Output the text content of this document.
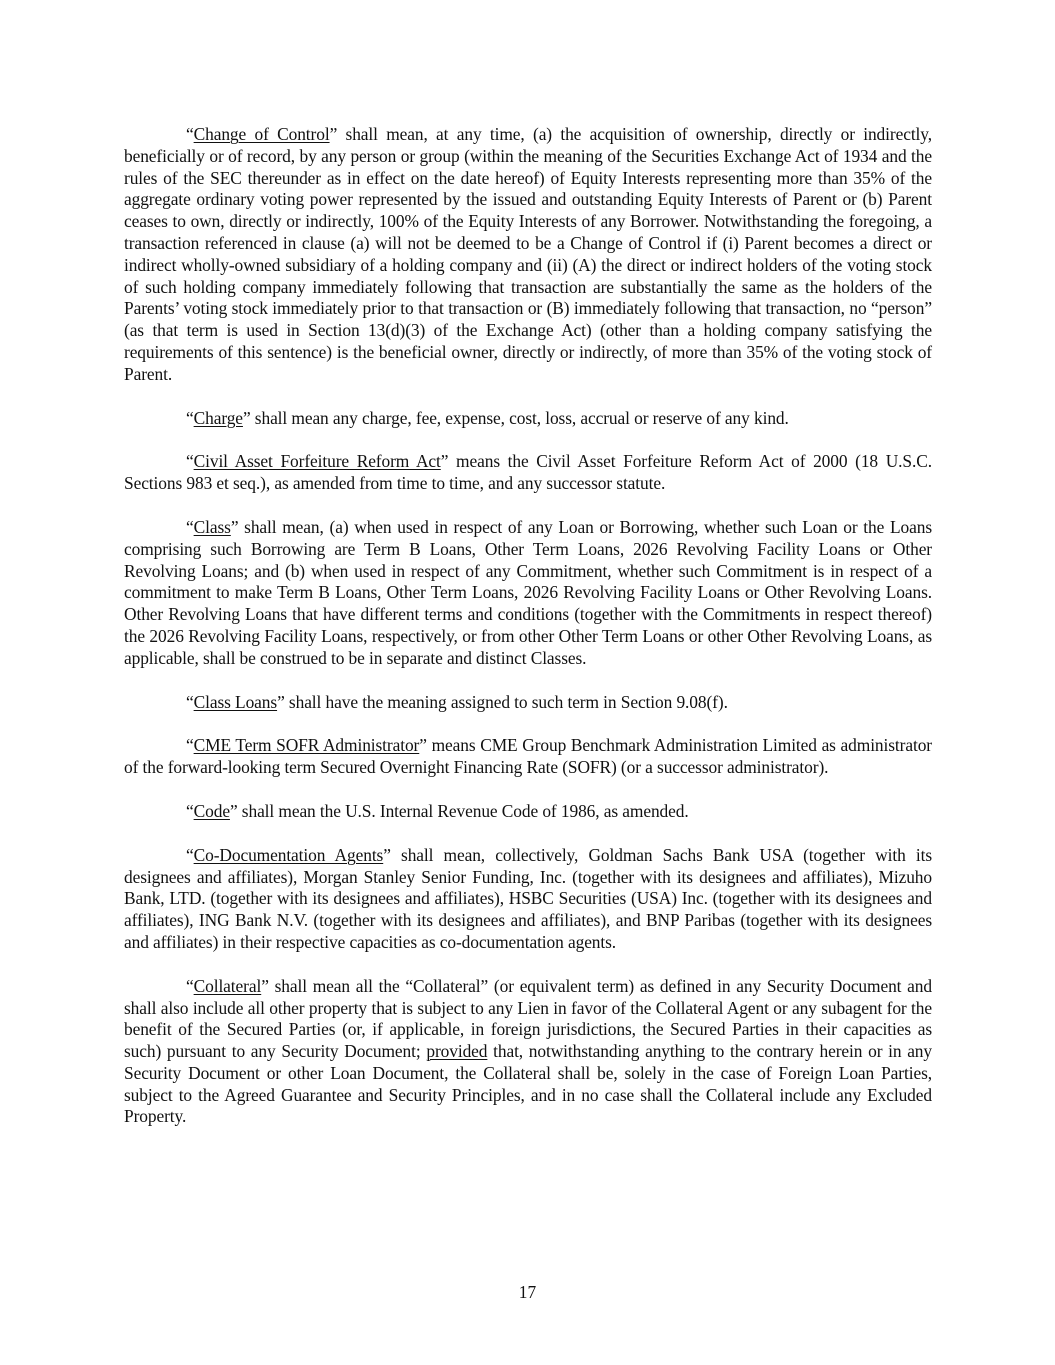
“Change of Control” shall mean, at any time, (a) the acquisition of ownership, directly or indirectly, beneficially or of record, by any person or group (within the meaning of the Securities Exchange Act of 1934 and the rules of the SEC thereunder as in effect on the date hereof) of Equity Interests representing more than 35% of the aggregate ordinary voting power represented by the issued and outstanding Equity Interests of Parent or (b) Parent ceases to own, directly or indirectly, 100% of the Equity Interests of any Borrower. Notwithstanding the foregoing, a transaction referenced in clause (a) will not be deemed to be a Change of Control if (i) Parent becomes a direct or indirect wholly-owned subsidiary of a holding company and (ii) (A) the direct or indirect holders of the voting stock of such holding company immediately following that transaction are substantially the same as the holders of the Parents’ voting stock immediately prior to that transaction or (B) immediately following that transaction, no “person” (as that term is used in Section 13(d)(3) of the Exchange Act) (other than a holding company satisfying the requirements of this sentence) is the beneficial owner, directly or indirectly, of more than 35% of the voting stock of Parent.

“Charge” shall mean any charge, fee, expense, cost, loss, accrual or reserve of any kind.

“Civil Asset Forfeiture Reform Act” means the Civil Asset Forfeiture Reform Act of 2000 (18 U.S.C. Sections 983 et seq.), as amended from time to time, and any successor statute.

“Class” shall mean, (a) when used in respect of any Loan or Borrowing, whether such Loan or the Loans comprising such Borrowing are Term B Loans, Other Term Loans, 2026 Revolving Facility Loans or Other Revolving Loans; and (b) when used in respect of any Commitment, whether such Commitment is in respect of a commitment to make Term B Loans, Other Term Loans, 2026 Revolving Facility Loans or Other Revolving Loans. Other Revolving Loans that have different terms and conditions (together with the Commitments in respect thereof) the 2026 Revolving Facility Loans, respectively, or from other Other Term Loans or other Other Revolving Loans, as applicable, shall be construed to be in separate and distinct Classes.

“Class Loans” shall have the meaning assigned to such term in Section 9.08(f).

“CME Term SOFR Administrator” means CME Group Benchmark Administration Limited as administrator of the forward-looking term Secured Overnight Financing Rate (SOFR) (or a successor administrator).

“Code” shall mean the U.S. Internal Revenue Code of 1986, as amended.

“Co-Documentation Agents” shall mean, collectively, Goldman Sachs Bank USA (together with its designees and affiliates), Morgan Stanley Senior Funding, Inc. (together with its designees and affiliates), Mizuho Bank, LTD. (together with its designees and affiliates), HSBC Securities (USA) Inc. (together with its designees and affiliates), ING Bank N.V. (together with its designees and affiliates), and BNP Paribas (together with its designees and affiliates) in their respective capacities as co-documentation agents.

“Collateral” shall mean all the “Collateral” (or equivalent term) as defined in any Security Document and shall also include all other property that is subject to any Lien in favor of the Collateral Agent or any subagent for the benefit of the Secured Parties (or, if applicable, in foreign jurisdictions, the Secured Parties in their capacities as such) pursuant to any Security Document; provided that, notwithstanding anything to the contrary herein or in any Security Document or other Loan Document, the Collateral shall be, solely in the case of Foreign Loan Parties, subject to the Agreed Guarantee and Security Principles, and in no case shall the Collateral include any Excluded Property.

17
